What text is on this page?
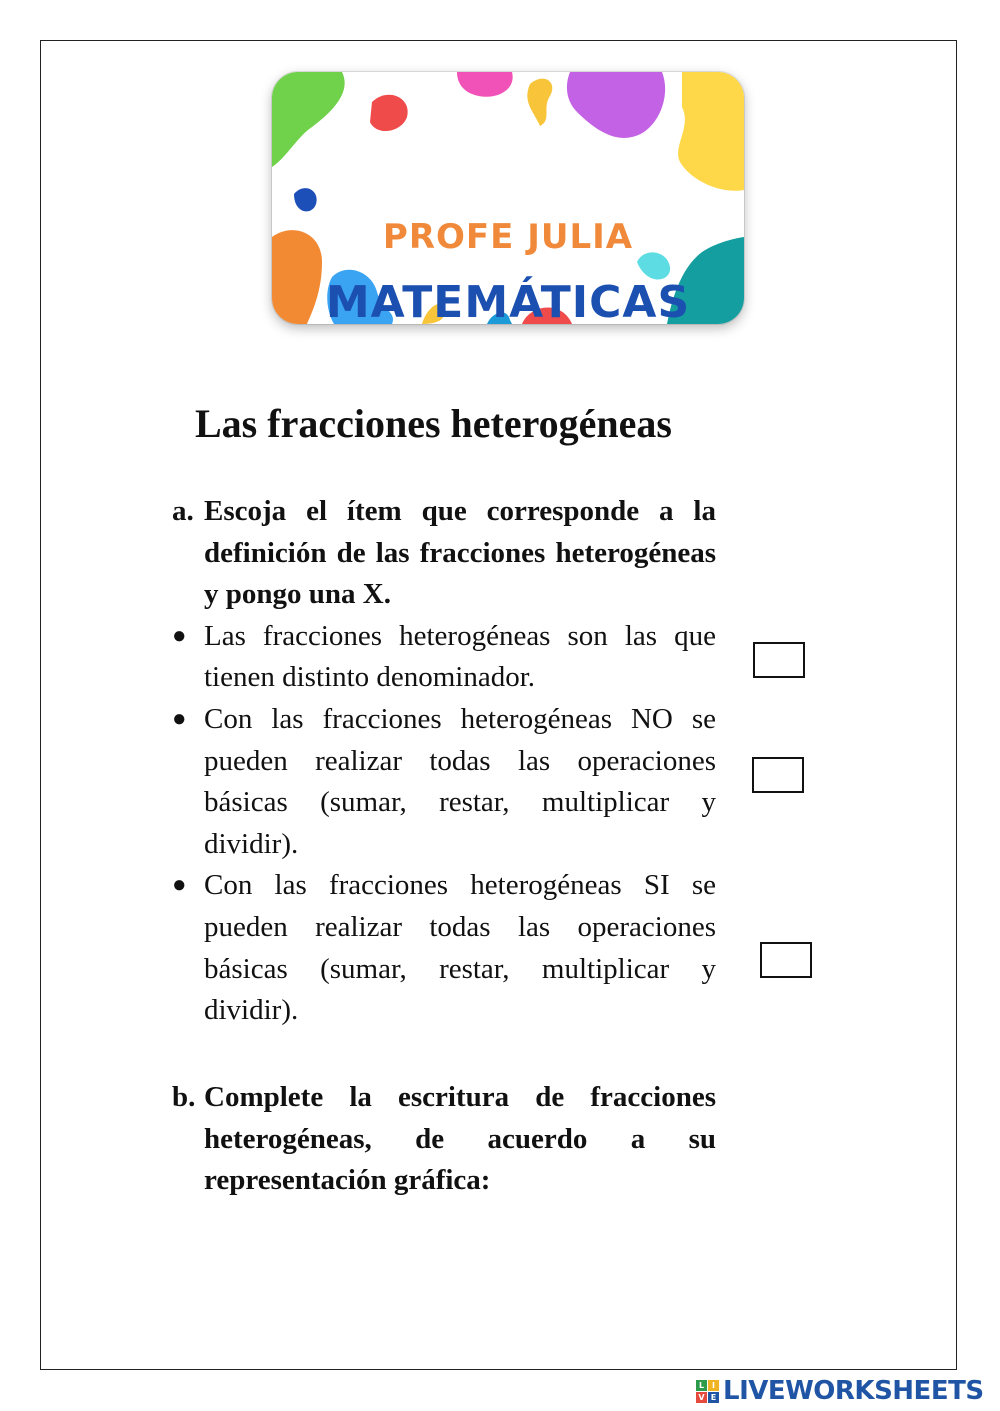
PROFE JULIA
MATEMÁTICAS
Las fracciones heterogéneas
a. Escoja el ítem que corresponde a la definición de las fracciones heterogéneas y pongo una X.
● Las fracciones heterogéneas son las que tienen distinto denominador.
● Con las fracciones heterogéneas NO se pueden realizar todas las operaciones básicas (sumar, restar, multiplicar y dividir).
● Con las fracciones heterogéneas SI se pueden realizar todas las operaciones básicas (sumar, restar, multiplicar y dividir).
b. Complete la escritura de fracciones heterogéneas, de acuerdo a su representación gráfica:
L I
V E LIVEWORKSHEETS
